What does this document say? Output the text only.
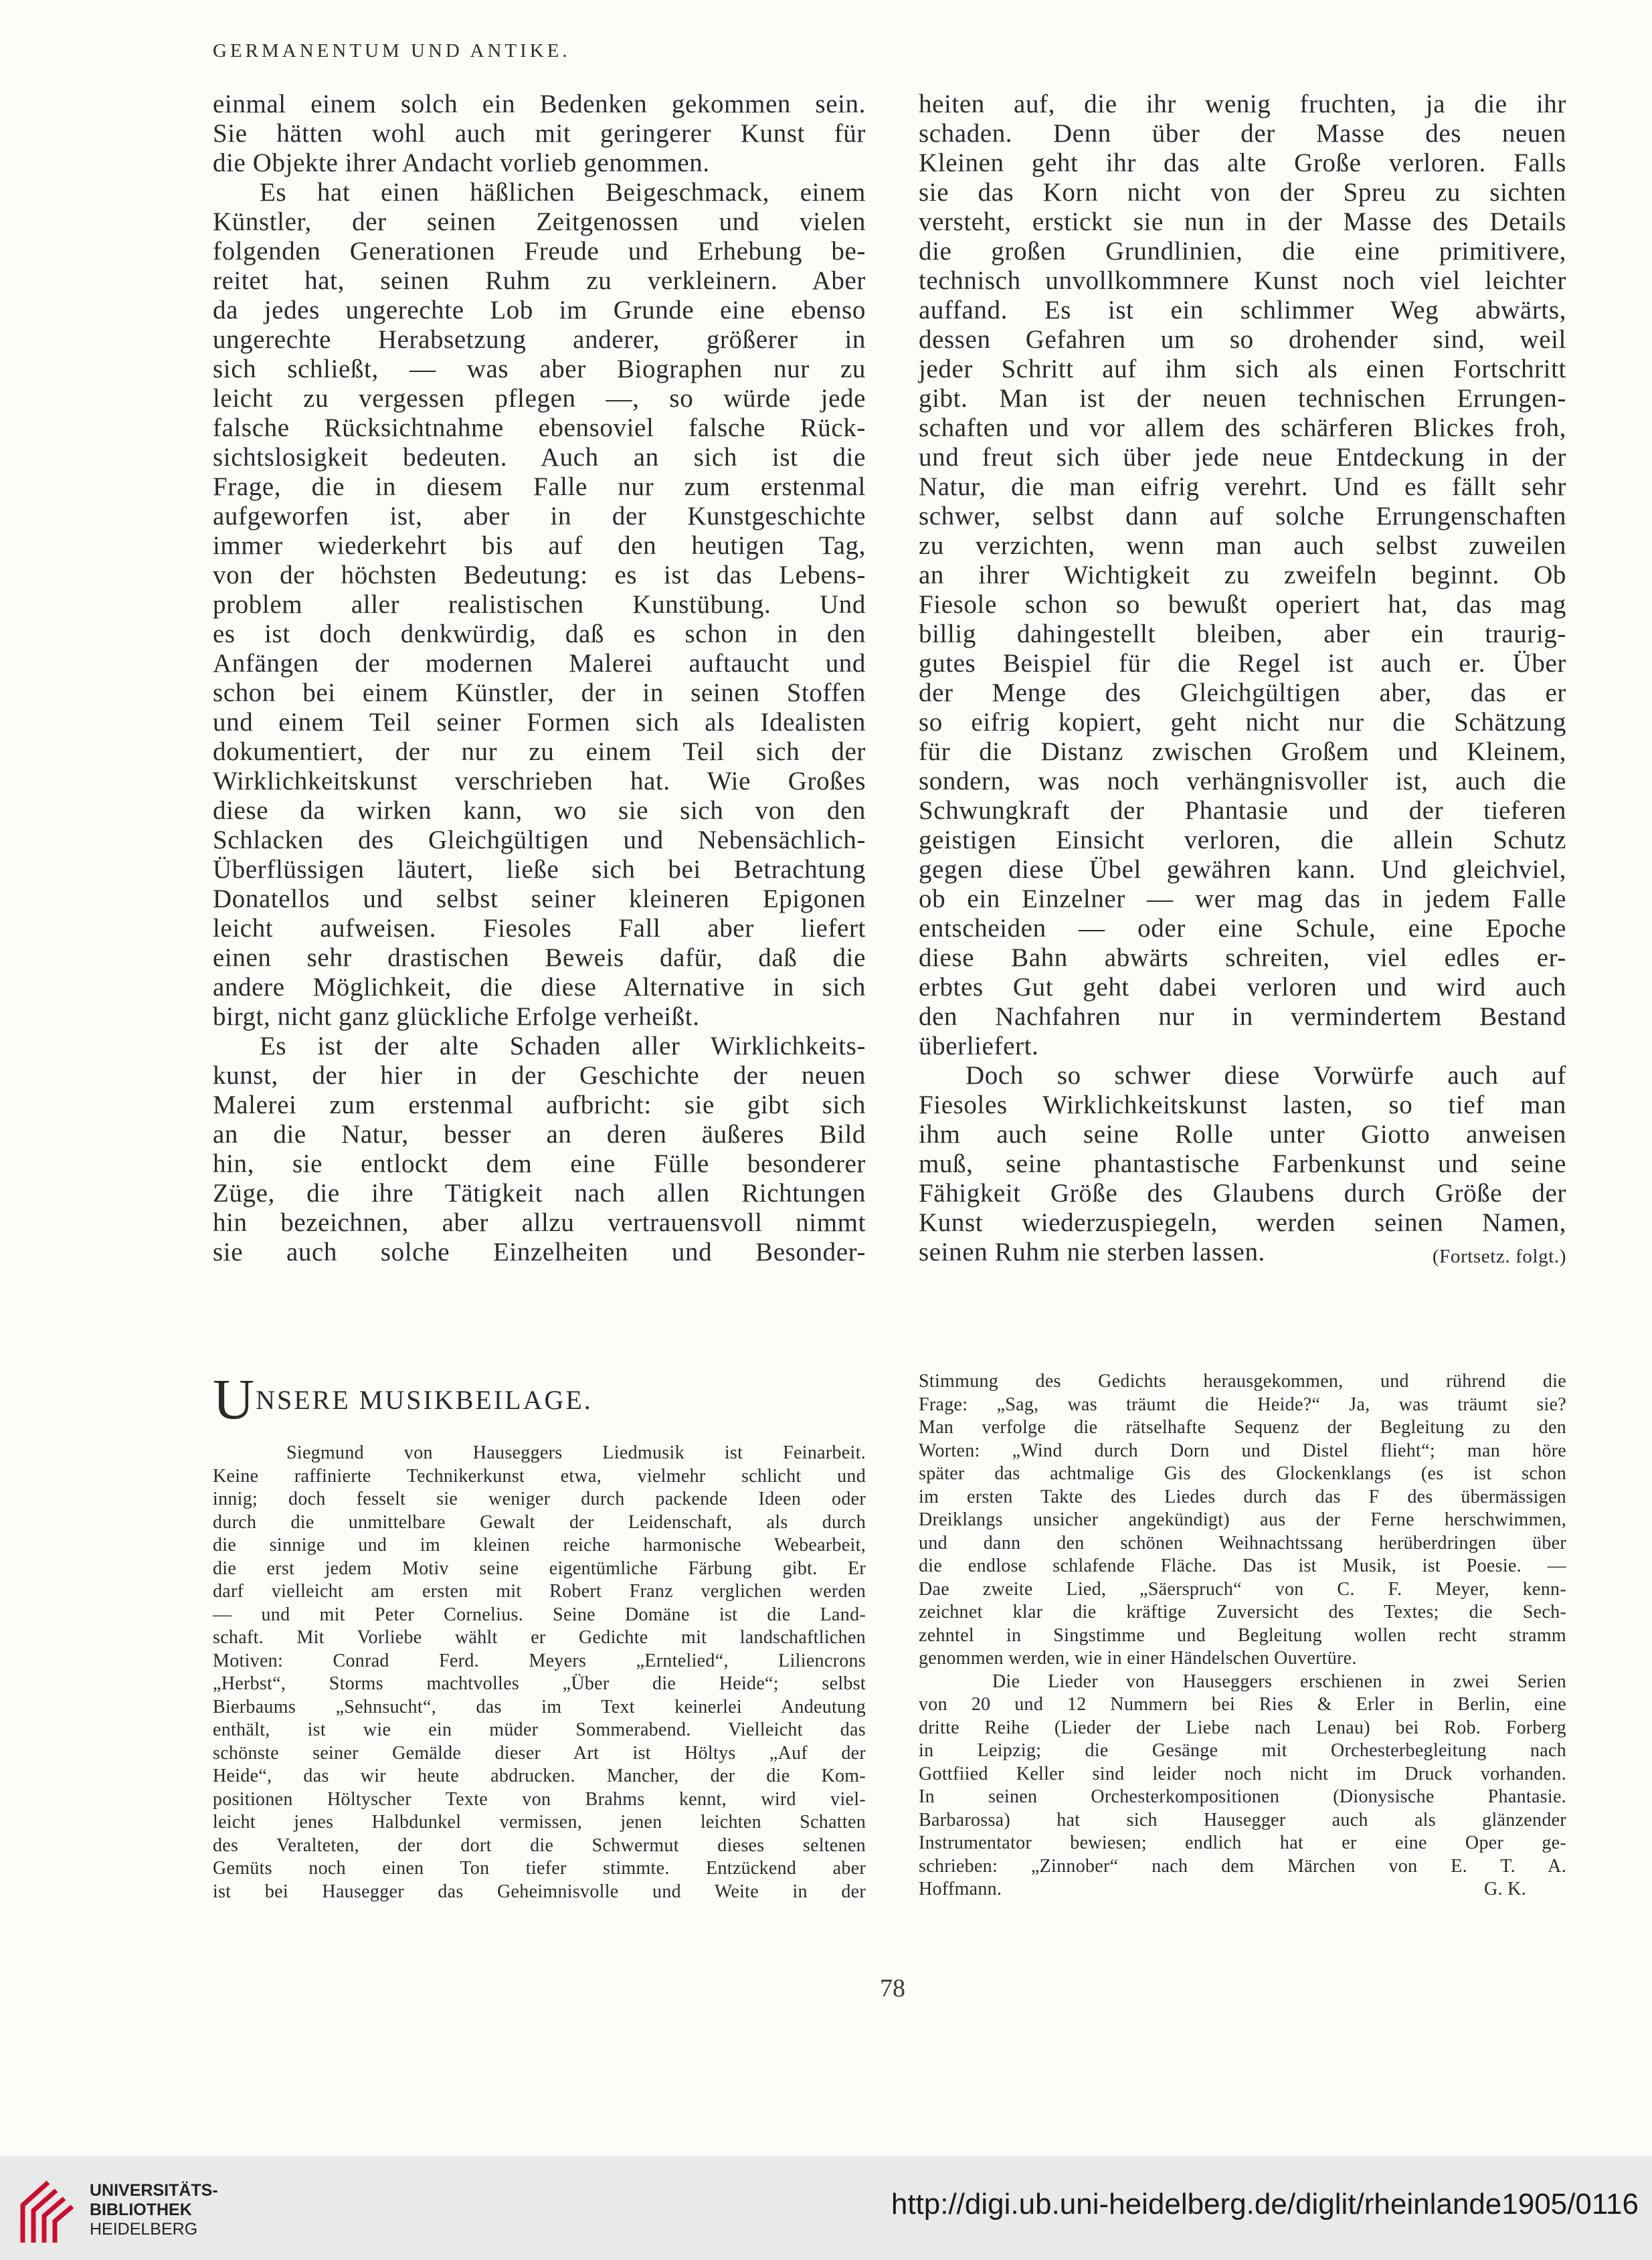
GERMANENTUM UND ANTIKE.
einmal einem solch ein Bedenken gekommen sein.
Sie hätten wohl auch mit geringerer Kunst für
die Objekte ihrer Andacht vorlieb genommen.
Es hat einen häßlichen Beigeschmack, einem
Künstler, der seinen Zeitgenossen und vielen
folgenden Generationen Freude und Erhebung be-
reitet hat, seinen Ruhm zu verkleinern. Aber
da jedes ungerechte Lob im Grunde eine ebenso
ungerechte Herabsetzung anderer, größerer in
sich schließt, — was aber Biographen nur zu
leicht zu vergessen pflegen —, so würde jede
falsche Rücksichtnahme ebensoviel falsche Rück-
sichtslosigkeit bedeuten. Auch an sich ist die
Frage, die in diesem Falle nur zum erstenmal
aufgeworfen ist, aber in der Kunstgeschichte
immer wiederkehrt bis auf den heutigen Tag,
von der höchsten Bedeutung: es ist das Lebens-
problem aller realistischen Kunstübung. Und
es ist doch denkwürdig, daß es schon in den
Anfängen der modernen Malerei auftaucht und
schon bei einem Künstler, der in seinen Stoffen
und einem Teil seiner Formen sich als Idealisten
dokumentiert, der nur zu einem Teil sich der
Wirklichkeitskunst verschrieben hat. Wie Großes
diese da wirken kann, wo sie sich von den
Schlacken des Gleichgültigen und Nebensächlich-
Überflüssigen läutert, ließe sich bei Betrachtung
Donatellos und selbst seiner kleineren Epigonen
leicht aufweisen. Fiesoles Fall aber liefert
einen sehr drastischen Beweis dafür, daß die
andere Möglichkeit, die diese Alternative in sich
birgt, nicht ganz glückliche Erfolge verheißt.
Es ist der alte Schaden aller Wirklichkeits-
kunst, der hier in der Geschichte der neuen
Malerei zum erstenmal aufbricht: sie gibt sich
an die Natur, besser an deren äußeres Bild
hin, sie entlockt dem eine Fülle besonderer
Züge, die ihre Tätigkeit nach allen Richtungen
hin bezeichnen, aber allzu vertrauensvoll nimmt
sie auch solche Einzelheiten und Besonder-
heiten auf, die ihr wenig fruchten, ja die ihr
schaden. Denn über der Masse des neuen
Kleinen geht ihr das alte Große verloren. Falls
sie das Korn nicht von der Spreu zu sichten
versteht, erstickt sie nun in der Masse des Details
die großen Grundlinien, die eine primitivere,
technisch unvollkommnere Kunst noch viel leichter
auffand. Es ist ein schlimmer Weg abwärts,
dessen Gefahren um so drohender sind, weil
jeder Schritt auf ihm sich als einen Fortschritt
gibt. Man ist der neuen technischen Errungen-
schaften und vor allem des schärferen Blickes froh,
und freut sich über jede neue Entdeckung in der
Natur, die man eifrig verehrt. Und es fällt sehr
schwer, selbst dann auf solche Errungenschaften
zu verzichten, wenn man auch selbst zuweilen
an ihrer Wichtigkeit zu zweifeln beginnt. Ob
Fiesole schon so bewußt operiert hat, das mag
billig dahingestellt bleiben, aber ein traurig-
gutes Beispiel für die Regel ist auch er. Über
der Menge des Gleichgültigen aber, das er
so eifrig kopiert, geht nicht nur die Schätzung
für die Distanz zwischen Großem und Kleinem,
sondern, was noch verhängnisvoller ist, auch die
Schwungkraft der Phantasie und der tieferen
geistigen Einsicht verloren, die allein Schutz
gegen diese Übel gewähren kann. Und gleichviel,
ob ein Einzelner — wer mag das in jedem Falle
entscheiden — oder eine Schule, eine Epoche
diese Bahn abwärts schreiten, viel edles er-
erbtes Gut geht dabei verloren und wird auch
den Nachfahren nur in vermindertem Bestand
überliefert.
Doch so schwer diese Vorwürfe auch auf
Fiesoles Wirklichkeitskunst lasten, so tief man
ihm auch seine Rolle unter Giotto anweisen
muß, seine phantastische Farbenkunst und seine
Fähigkeit Größe des Glaubens durch Größe der
Kunst wiederzuspiegeln, werden seinen Namen,
seinen Ruhm nie sterben lassen.	(Fortsetz. folgt.)
UNSERE MUSIKBEILAGE.
Siegmund von Hauseggers Liedmusik ist Feinarbeit.
Keine raffinierte Technikerkunst etwa, vielmehr schlicht und
innig; doch fesselt sie weniger durch packende Ideen oder
durch die unmittelbare Gewalt der Leidenschaft, als durch
die sinnige und im kleinen reiche harmonische Webearbeit,
die erst jedem Motiv seine eigentümliche Färbung gibt. Er
darf vielleicht am ersten mit Robert Franz verglichen werden
— und mit Peter Cornelius. Seine Domäne ist die Land-
schaft. Mit Vorliebe wählt er Gedichte mit landschaftlichen
Motiven: Conrad Ferd. Meyers „Erntelied“, Liliencrons
„Herbst“, Storms machtvolles „Über die Heide“; selbst
Bierbaums „Sehnsucht“, das im Text keinerlei Andeutung
enthält, ist wie ein müder Sommerabend. Vielleicht das
schönste seiner Gemälde dieser Art ist Höltys „Auf der
Heide“, das wir heute abdrucken. Mancher, der die Kom-
positionen Höltyscher Texte von Brahms kennt, wird viel-
leicht jenes Halbdunkel vermissen, jenen leichten Schatten
des Veralteten, der dort die Schwermut dieses seltenen
Gemüts noch einen Ton tiefer stimmte. Entzückend aber
ist bei Hausegger das Geheimnisvolle und Weite in der
Stimmung des Gedichts herausgekommen, und rührend die
Frage: „Sag, was träumt die Heide?“ Ja, was träumt sie?
Man verfolge die rätselhafte Sequenz der Begleitung zu den
Worten: „Wind durch Dorn und Distel flieht“; man höre
später das achtmalige Gis des Glockenklangs (es ist schon
im ersten Takte des Liedes durch das F des übermässigen
Dreiklangs unsicher angekündigt) aus der Ferne herschwimmen,
und dann den schönen Weihnachtssang herüberdringen über
die endlose schlafende Fläche. Das ist Musik, ist Poesie. —
Dae zweite Lied, „Säerspruch“ von C. F. Meyer, kenn-
zeichnet klar die kräftige Zuversicht des Textes; die Sech-
zehntel in Singstimme und Begleitung wollen recht stramm
genommen werden, wie in einer Händelschen Ouvertüre.
Die Lieder von Hauseggers erschienen in zwei Serien
von 20 und 12 Nummern bei Ries & Erler in Berlin, eine
dritte Reihe (Lieder der Liebe nach Lenau) bei Rob. Forberg
in Leipzig; die Gesänge mit Orchesterbegleitung nach
Gottfiied Keller sind leider noch nicht im Druck vorhanden.
In seinen Orchesterkompositionen (Dionysische Phantasie.
Barbarossa) hat sich Hausegger auch als glänzender
Instrumentator bewiesen; endlich hat er eine Oper ge-
schrieben: „Zinnober“ nach dem Märchen von E. T. A.
Hoffmann.	G. K.
78
UNIVERSITÄTS-
BIBLIOTHEK
HEIDELBERG
http://digi.ub.uni-heidelberg.de/diglit/rheinlande1905/0116
